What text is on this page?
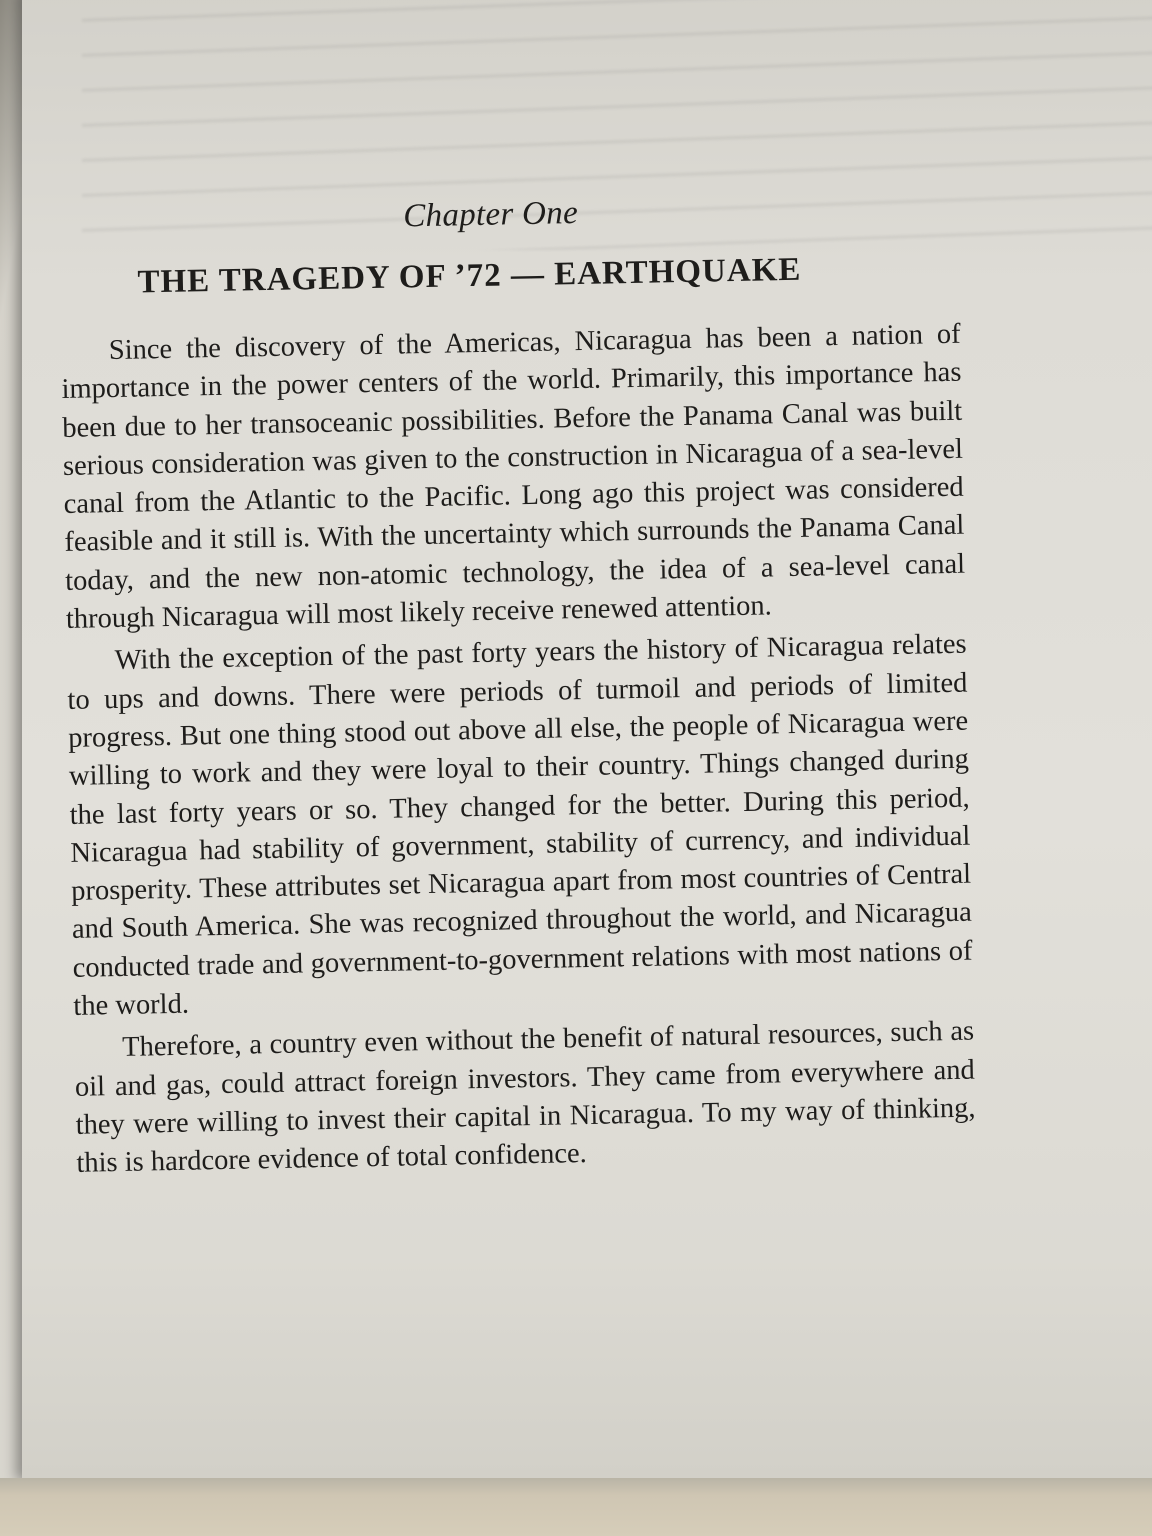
Chapter One
THE TRAGEDY OF ’72 — EARTHQUAKE

Since the discovery of the Americas, Nicaragua has been a nation of importance in the power centers of the world. Primarily, this importance has been due to her transoceanic possibilities. Before the Panama Canal was built serious consideration was given to the construction in Nicaragua of a sea-level canal from the Atlantic to the Pacific. Long ago this project was considered feasible and it still is. With the uncertainty which surrounds the Panama Canal today, and the new non-atomic technology, the idea of a sea-level canal through Nicaragua will most likely receive renewed attention.

With the exception of the past forty years the history of Nicaragua relates to ups and downs. There were periods of turmoil and periods of limited progress. But one thing stood out above all else, the people of Nicaragua were willing to work and they were loyal to their country. Things changed during the last forty years or so. They changed for the better. During this period, Nicaragua had stability of government, stability of currency, and individual prosperity. These attributes set Nicaragua apart from most countries of Central and South America. She was recognized throughout the world, and Nicaragua conducted trade and government-to-government relations with most nations of the world.

Therefore, a country even without the benefit of natural resources, such as oil and gas, could attract foreign investors. They came from everywhere and they were willing to invest their capital in Nicaragua. To my way of thinking, this is hardcore evidence of total confidence.
